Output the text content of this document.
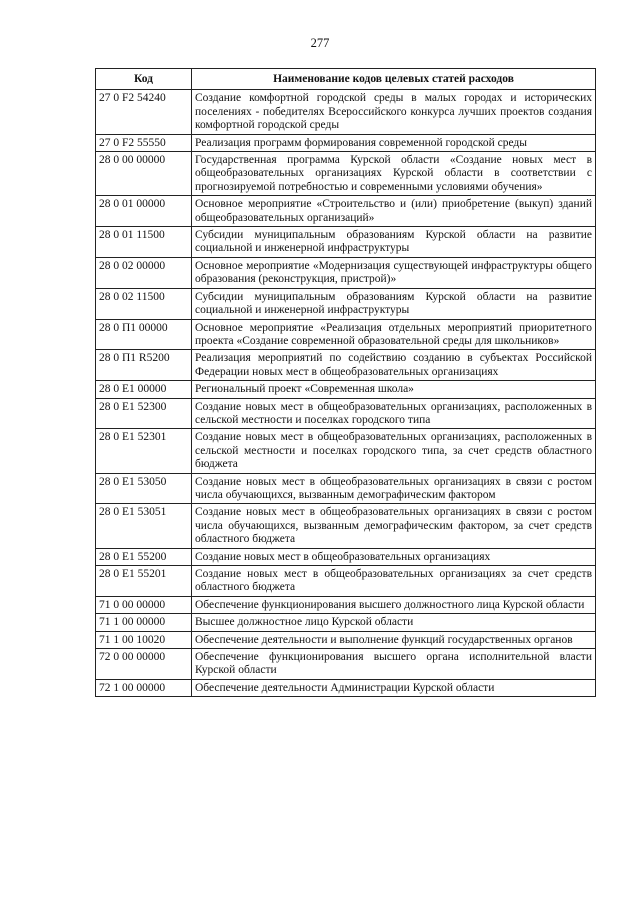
277
Код	Наименование кодов целевых статей расходов
27 0 F2 54240	Создание комфортной городской среды в малых городах и исторических поселениях - победителях Всероссийского конкурса лучших проектов создания комфортной городской среды
27 0 F2 55550	Реализация программ формирования современной городской среды
28 0 00 00000	Государственная программа Курской области «Создание новых мест в общеобразовательных организациях Курской области в соответствии с прогнозируемой потребностью и современными условиями обучения»
28 0 01 00000	Основное мероприятие «Строительство и (или) приобретение (выкуп) зданий общеобразовательных организаций»
28 0 01 11500	Субсидии муниципальным образованиям Курской области на развитие социальной и инженерной инфраструктуры
28 0 02 00000	Основное мероприятие «Модернизация существующей инфраструктуры общего образования (реконструкция, пристрой)»
28 0 02 11500	Субсидии муниципальным образованиям Курской области на развитие социальной и инженерной инфраструктуры
28 0 П1 00000	Основное мероприятие «Реализация отдельных мероприятий приоритетного проекта «Создание современной образовательной среды для школьников»
28 0 П1 R5200	Реализация мероприятий по содействию созданию в субъектах Российской Федерации новых мест в общеобразовательных организациях
28 0 E1 00000	Региональный проект «Современная школа»
28 0 E1 52300	Создание новых мест в общеобразовательных организациях, расположенных в сельской местности и поселках городского типа
28 0 E1 52301	Создание новых мест в общеобразовательных организациях, расположенных в сельской местности и поселках городского типа, за счет средств областного бюджета
28 0 E1 53050	Создание новых мест в общеобразовательных организациях в связи с ростом числа обучающихся, вызванным демографическим фактором
28 0 E1 53051	Создание новых мест в общеобразовательных организациях в связи с ростом числа обучающихся, вызванным демографическим фактором, за счет средств областного бюджета
28 0 E1 55200	Создание новых мест в общеобразовательных организациях
28 0 E1 55201	Создание новых мест в общеобразовательных организациях за счет средств областного бюджета
71 0 00 00000	Обеспечение функционирования высшего должностного лица Курской области
71 1 00 00000	Высшее должностное лицо Курской области
71 1 00 10020	Обеспечение деятельности и выполнение функций государственных органов
72 0 00 00000	Обеспечение функционирования высшего органа исполнительной власти Курской области
72 1 00 00000	Обеспечение деятельности Администрации Курской области
